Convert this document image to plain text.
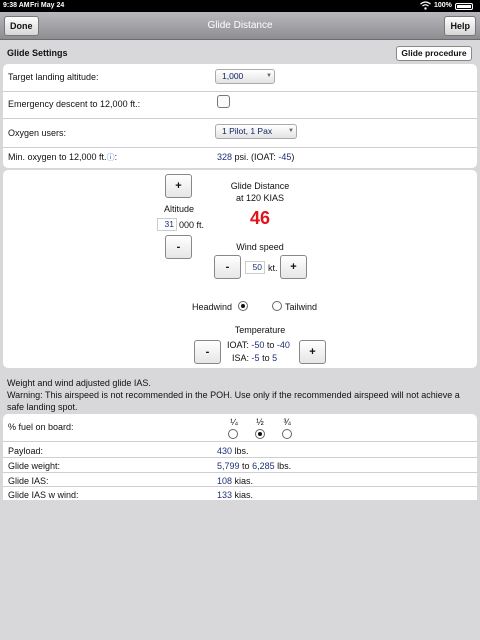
9:38 AM Fri May 24	100%
Glide Distance
Done	Help
Glide Settings	Glide procedure
Target landing altitude:	1,000	▼
Emergency descent to 12,000 ft.:
Oxygen users:	1 Pilot, 1 Pax	▼
Min. oxygen to 12,000 ft.ⓘ:	328 psi. (IOAT: -45)
+
Altitude
31 000 ft.
-
Glide Distance
at 120 KIAS
46
Wind speed
-	50 kt.	+
Headwind	Tailwind
Temperature
-
IOAT: -50 to -40
ISA: -5 to 5	+
Weight and wind adjusted glide IAS.
Warning: This airspeed is not recommended in the POH. Use only if the recommended airspeed will not achieve a safe landing spot.
% fuel on board:	¼ ½ ¾
Payload:	430 lbs.
Glide weight:	5,799 to 6,285 lbs.
Glide IAS:	108 kias.
Glide IAS w wind:	133 kias.
